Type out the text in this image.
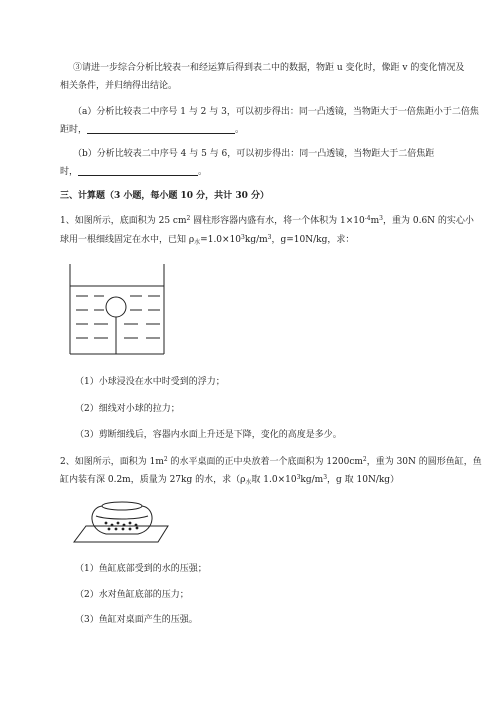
③请进一步综合分析比较表一和经运算后得到表二中的数据，物距 u 变化时，像距 v 的变化情况及
相关条件，并归纳得出结论。
（a）分析比较表二中序号 1 与 2 与 3，可以初步得出：同一凸透镜，当物距大于一倍焦距小于二倍焦
距时，	。
（b）分析比较表二中序号 4 与 5 与 6，可以初步得出：同一凸透镜，当物距大于二倍焦距
时，	。
三、计算题（3 小题，每小题 10 分，共计 30 分）
1、如图所示，底面积为 25 $cm^2$ 圆柱形容器内盛有水，将一个体积为 $1\times 10^{-4}m^3$，重为 0.6N 的实心小
球用一根细线固定在水中，已知 $\rho_水=1.0\times 10^3kg/m^3$，g=10N/kg，求：
（1）小球浸没在水中时受到的浮力；
（2）细线对小球的拉力；
（3）剪断细线后，容器内水面上升还是下降，变化的高度是多少。
2、如图所示，面积为 $1m^2$ 的水平桌面的正中央放着一个底面积为 $1200cm^2$，重为 30N 的圆形鱼缸，鱼
缸内装有深 0.2m，质量为 27kg 的水，求（$\rho_水$取 $1.0\times 10^3kg/m^3$，g 取 10N/kg）
（1）鱼缸底部受到的水的压强；
（2）水对鱼缸底部的压力；
（3）鱼缸对桌面产生的压强。
